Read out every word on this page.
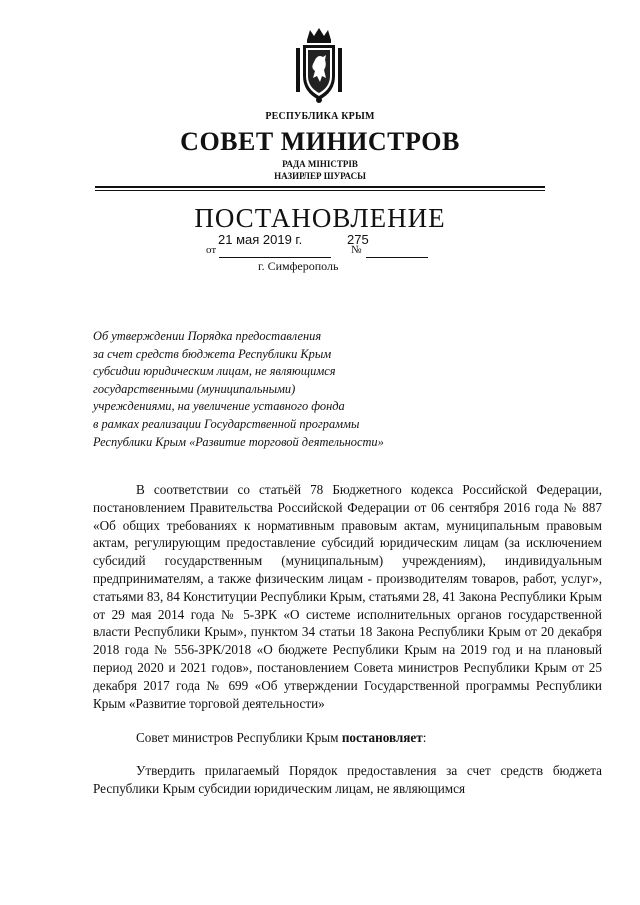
РЕСПУБЛИКА КРЫМ
СОВЕТ МИНИСТРОВ
РАДА МІНІСТРІВ
НАЗИРЛЕР ШУРАСЫ
ПОСТАНОВЛЕНИЕ
от
21 мая 2019 г.
№
275
г. Симферополь
Об утверждении Порядка предоставления
за счет средств бюджета Республики Крым
субсидии юридическим лицам, не являющимся
государственными (муниципальными)
учреждениями, на увеличение уставного фонда
в рамках реализации Государственной программы
Республики Крым «Развитие торговой деятельности»

В соответствии со статьёй 78 Бюджетного кодекса Российской Федерации, постановлением Правительства Российской Федерации от 06 сентября 2016 года № 887 «Об общих требованиях к нормативным правовым актам, муниципальным правовым актам, регулирующим предоставление субсидий юридическим лицам (за исключением субсидий государственным (муниципальным) учреждениям), индивидуальным предпринимателям, а также физическим лицам - производителям товаров, работ, услуг», статьями 83, 84 Конституции Республики Крым, статьями 28, 41 Закона Республики Крым от 29 мая 2014 года № 5-ЗРК «О системе исполнительных органов государственной власти Республики Крым», пунктом 34 статьи 18 Закона Республики Крым от 20 декабря 2018 года № 556-ЗРК/2018 «О бюджете Республики Крым на 2019 год и на плановый период 2020 и 2021 годов», постановлением Совета министров Республики Крым от 25 декабря 2017 года № 699 «Об утверждении Государственной программы Республики Крым «Развитие торговой деятельности»

Совет министров Республики Крым постановляет:

Утвердить прилагаемый Порядок предоставления за счет средств бюджета Республики Крым субсидии юридическим лицам, не являющимся
